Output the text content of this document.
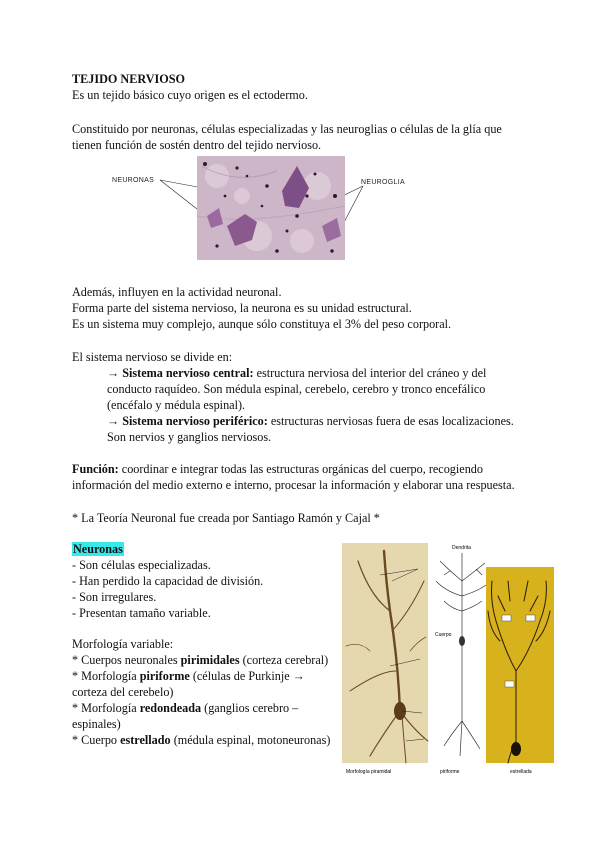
TEJIDO NERVIOSO
Es un tejido básico cuyo origen es el ectodermo.
Constituido por neuronas, células especializadas y las neuroglias o células de la glía que
tienen función de sostén dentro del tejido nervioso.
NEURONAS	NEUROGLIA
Además, influyen en la actividad neuronal.
Forma parte del sistema nervioso, la neurona es su unidad estructural.
Es un sistema muy complejo, aunque sólo constituya el 3% del peso corporal.
El sistema nervioso se divide en:
→ Sistema nervioso central: estructura nerviosa del interior del cráneo y del
conducto raquídeo. Son médula espinal, cerebelo, cerebro y tronco encefálico
(encéfalo y médula espinal).
→ Sistema nervioso periférico: estructuras nerviosas fuera de esas localizaciones.
Son nervios y ganglios nerviosos.
Función: coordinar e integrar todas las estructuras orgánicas del cuerpo, recogiendo
información del medio externo e interno, procesar la información y elaborar una respuesta.
* La Teoría Neuronal fue creada por Santiago Ramón y Cajal *
Neuronas
- Son células especializadas.
- Han perdido la capacidad de división.
- Son irregulares.
- Presentan tamaño variable.
Morfología variable:
* Cuerpos neuronales pirimidales (corteza cerebral)
* Morfología piriforme (células de Purkinje →
corteza del cerebelo)
* Morfología redondeada (ganglios cerebro –
espinales)
* Cuerpo estrellado (médula espinal, motoneuronas)
Dendrita
Cuerpo
Morfología piramidal	piriforme	estrellada
